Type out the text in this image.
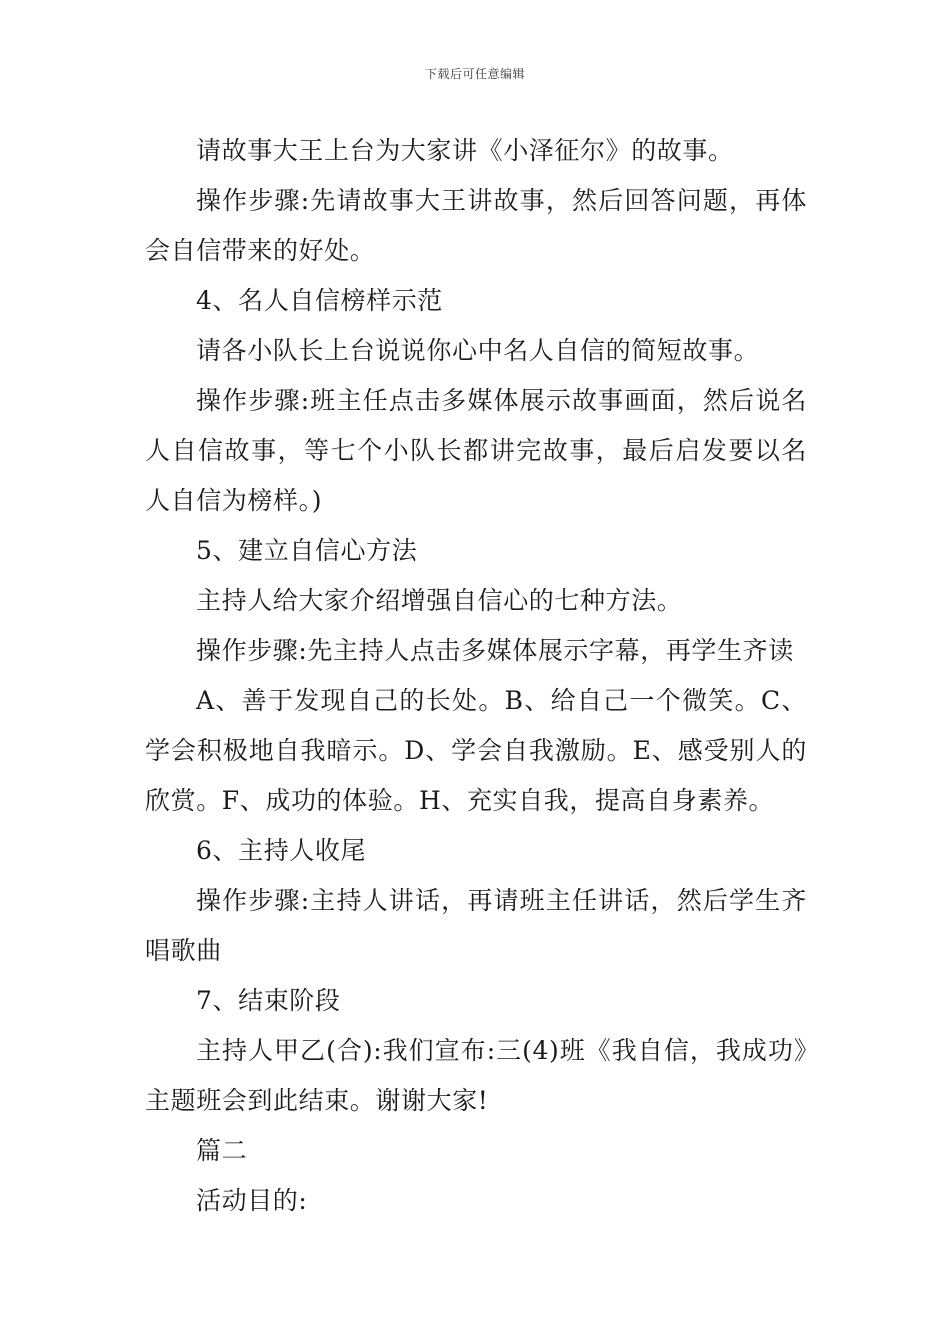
下载后可任意编辑

请故事大王上台为大家讲《小泽征尔》的故事。

操作步骤:先请故事大王讲故事，然后回答问题，再体会自信带来的好处。

4、名人自信榜样示范

请各小队长上台说说你心中名人自信的简短故事。

操作步骤:班主任点击多媒体展示故事画面，然后说名人自信故事，等七个小队长都讲完故事，最后启发要以名人自信为榜样。)

5、建立自信心方法

主持人给大家介绍增强自信心的七种方法。

操作步骤:先主持人点击多媒体展示字幕，再学生齐读

A、善于发现自己的长处。B、给自己一个微笑。C、学会积极地自我暗示。D、学会自我激励。E、感受别人的欣赏。F、成功的体验。H、充实自我，提高自身素养。

6、主持人收尾

操作步骤:主持人讲话，再请班主任讲话，然后学生齐唱歌曲

7、结束阶段

主持人甲乙(合):我们宣布:三(4)班《我自信，我成功》主题班会到此结束。谢谢大家!

篇二

活动目的:
